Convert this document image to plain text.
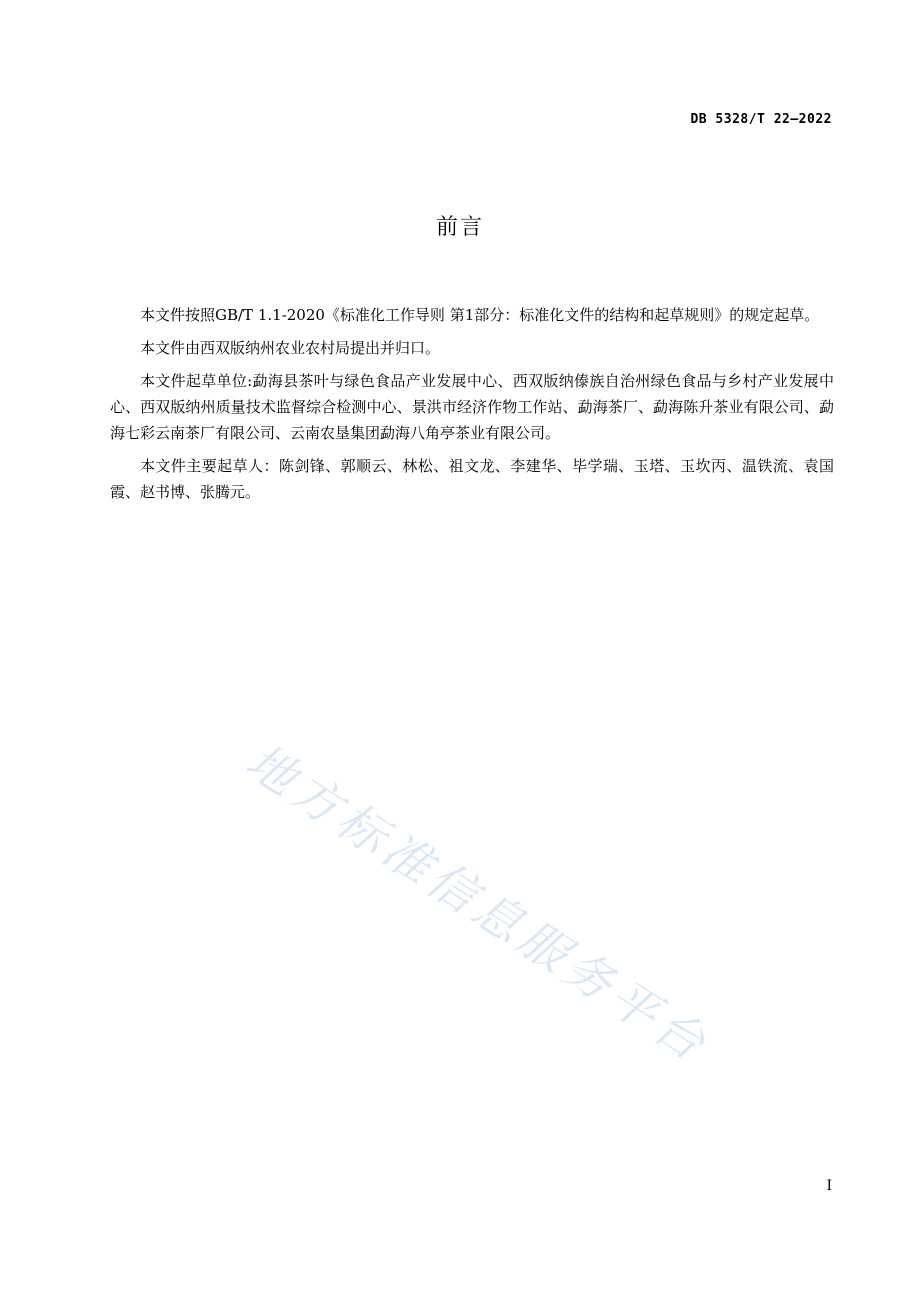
DB 5328/T 22—2022
前言

本文件按照GB/T 1.1-2020《标准化工作导则 第1部分：标准化文件的结构和起草规则》的规定起草。

本文件由西双版纳州农业农村局提出并归口。

本文件起草单位:勐海县茶叶与绿色食品产业发展中心、西双版纳傣族自治州绿色食品与乡村产业发展中心、西双版纳州质量技术监督综合检测中心、景洪市经济作物工作站、勐海茶厂、勐海陈升茶业有限公司、勐海七彩云南茶厂有限公司、云南农垦集团勐海八角亭茶业有限公司。

本文件主要起草人：陈剑锋、郭顺云、林松、祖文龙、李建华、毕学瑞、玉塔、玉坎丙、温铁流、袁国霞、赵书博、张腾元。

地方标准信息服务平台
I
